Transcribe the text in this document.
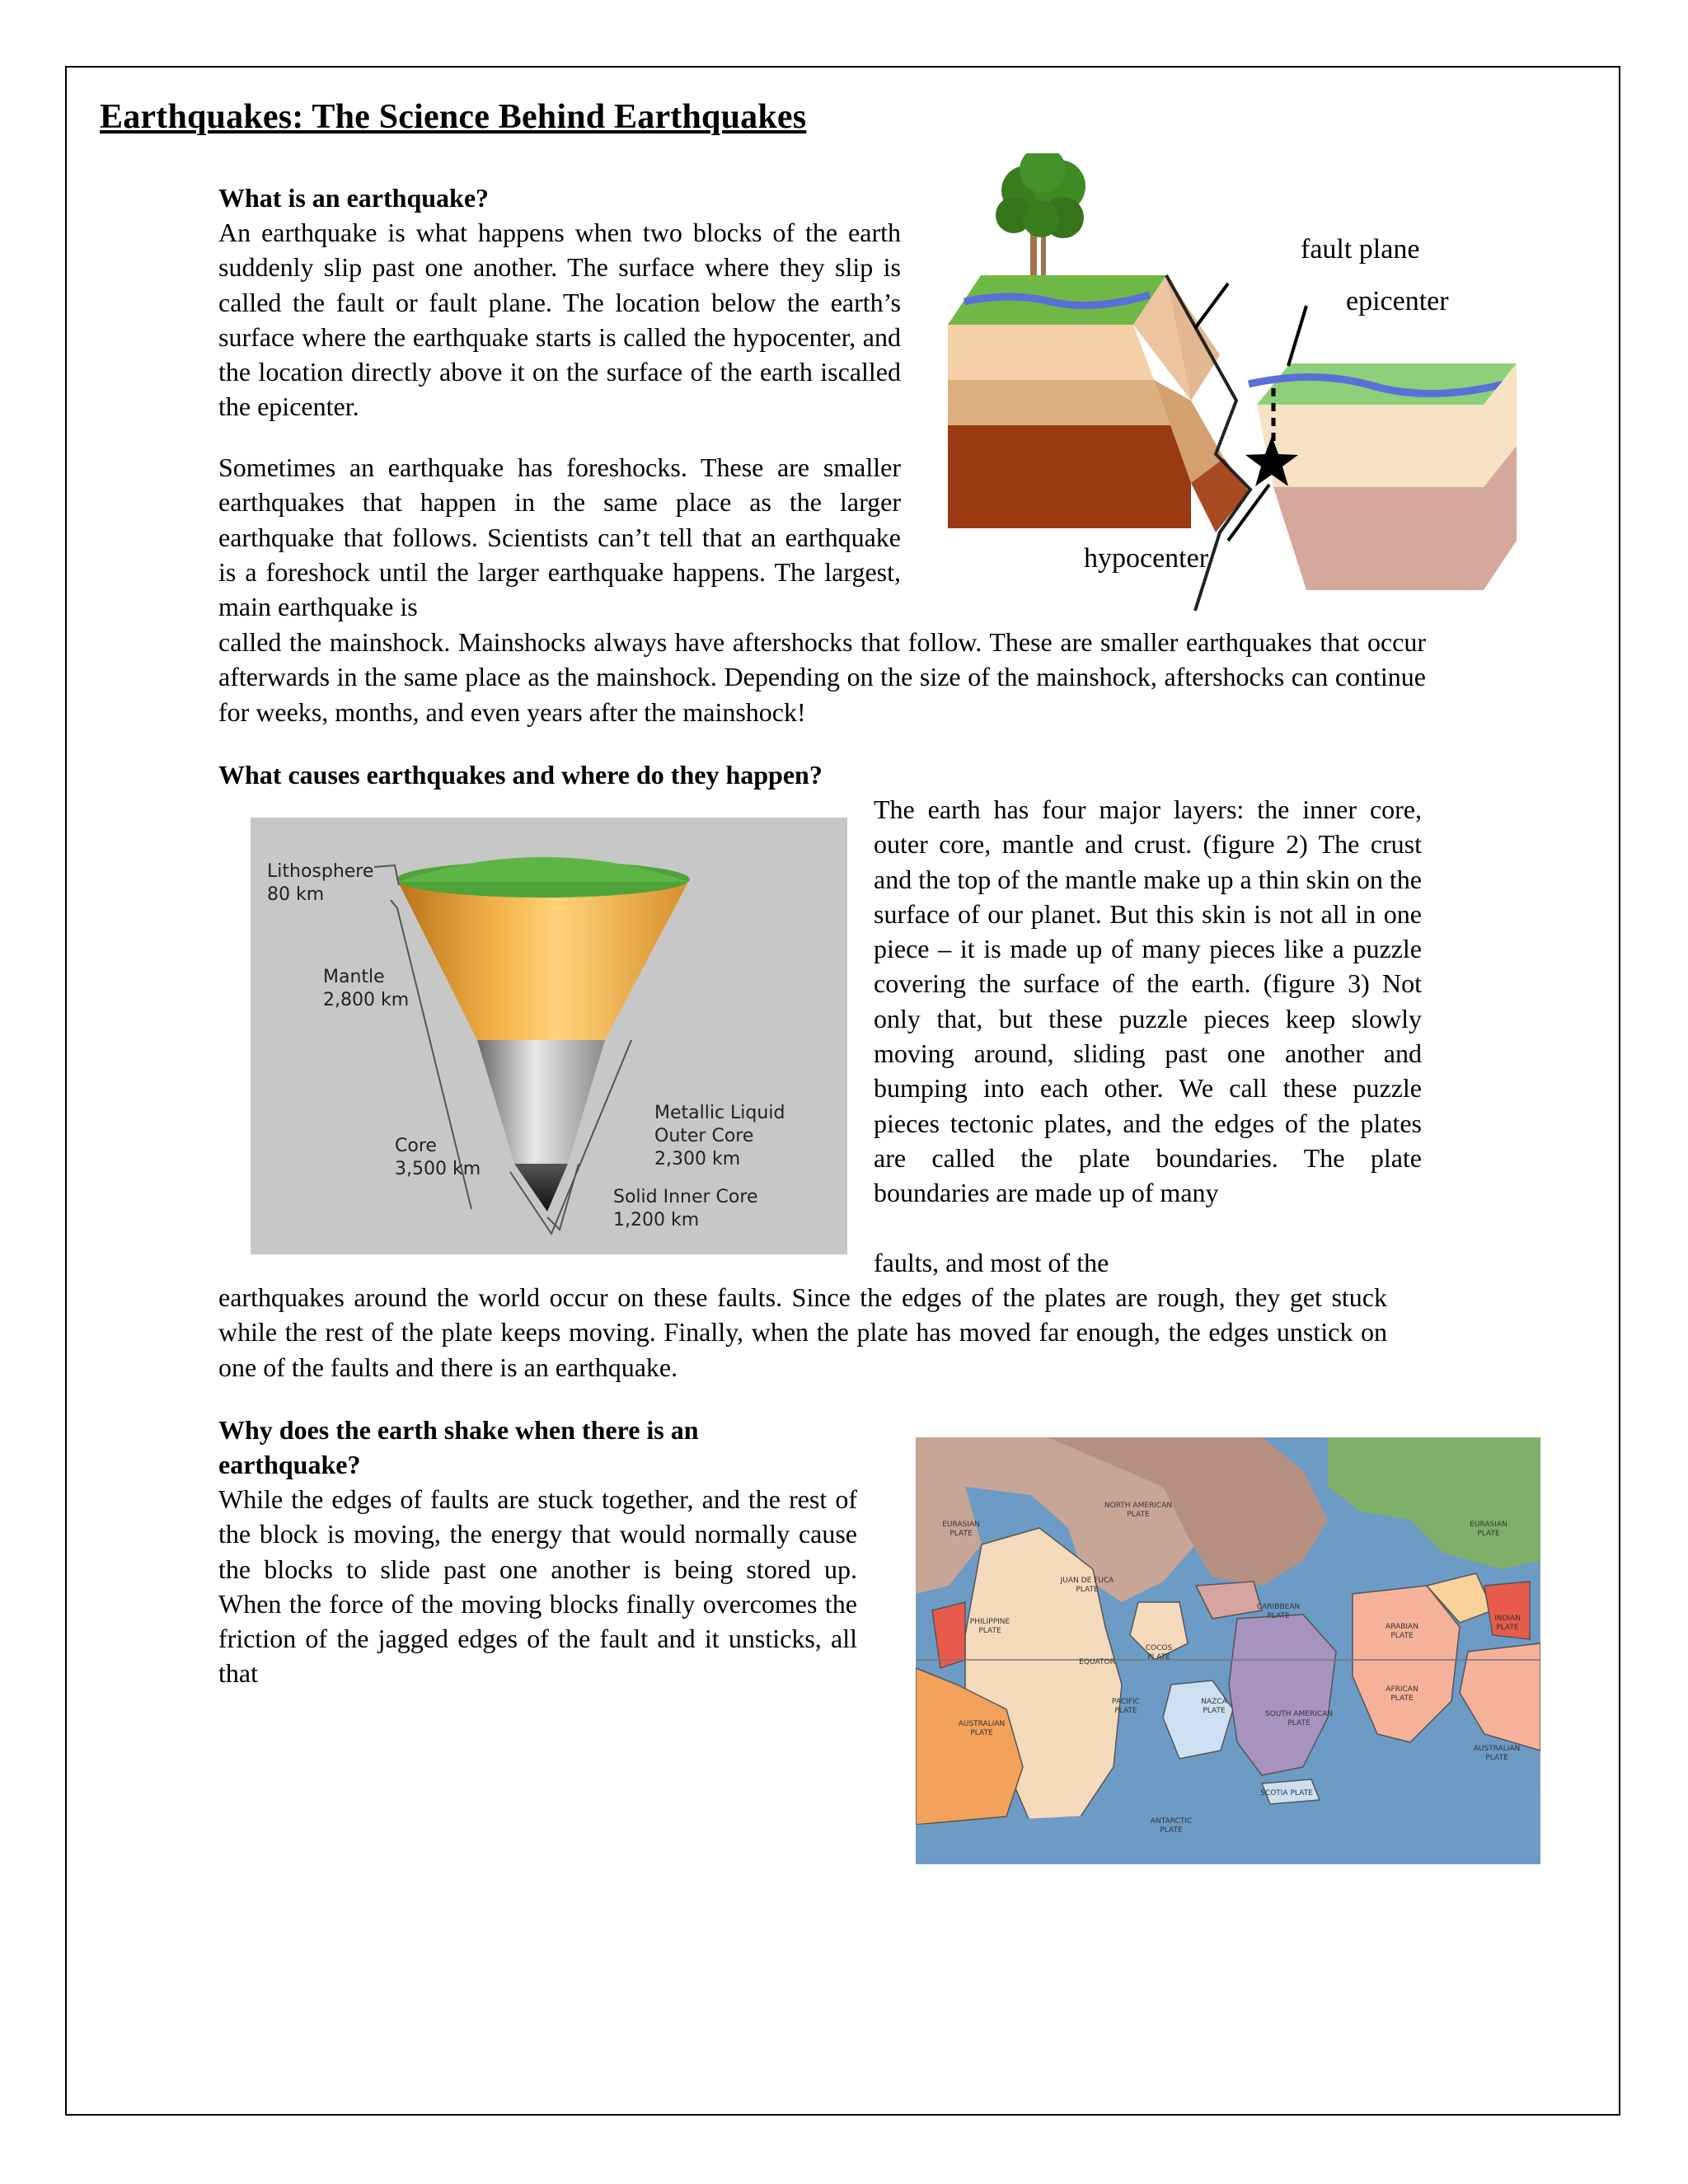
Earthquakes: The Science Behind Earthquakes
What is an earthquake?

An earthquake is what happens when two blocks of the earth suddenly slip past one another. The surface where they slip is called the fault or fault plane. The location below the earth’s surface where the earthquake starts is called the hypocenter, and the location directly above it on the surface of the earth iscalled the epicenter.

Sometimes an earthquake has foreshocks. These are smaller earthquakes that happen in the same place as the larger earthquake that follows. Scientists can’t tell that an earthquake is a foreshock until the larger earthquake happens. The largest, main earthquake is

called the mainshock. Mainshocks always have aftershocks that follow. These are smaller earthquakes that occur afterwards in the same place as the mainshock. Depending on the size of the mainshock, aftershocks can continue for weeks, months, and even years after the mainshock!

fault plane
epicenter
hypocenter
What causes earthquakes and where do they happen?

The earth has four major layers: the inner core, outer core, mantle and crust. (figure 2) The crust and the top of the mantle make up a thin skin on the surface of our planet. But this skin is not all in one piece – it is made up of many pieces like a puzzle covering the surface of the earth. (figure 3) Not only that, but these puzzle pieces keep slowly moving around, sliding past one another and bumping into each other. We call these puzzle pieces tectonic plates, and the edges of the plates are called the plate boundaries. The plate boundaries are made up of many

faults, and most of the

earthquakes around the world occur on these faults. Since the edges of the plates are rough, they get stuck while the rest of the plate keeps moving. Finally, when the plate has moved far enough, the edges unstick on one of the faults and there is an earthquake.

Lithosphere
80 km
Mantle
2,800 km
Core
3,500 km
Metallic Liquid
Outer Core
2,300 km
Solid Inner Core
1,200 km
Why does the earth shake when there is an
earthquake?

While the edges of faults are stuck together, and the rest of the block is moving, the energy that would normally cause the blocks to slide past one another is being stored up. When the force of the moving blocks finally overcomes the friction of the jagged edges of the fault and it unsticks, all that

EURASIAN
PLATE
NORTH AMERICAN
PLATE
EURASIAN
PLATE
JUAN DE FUCA
PLATE
PHILIPPINE
PLATE
CARIBBEAN
PLATE
ARABIAN
PLATE
INDIAN
PLATE
EQUATOR
COCOS
PLATE
AFRICAN
PLATE
PACIFIC
PLATE
NAZCA
PLATE	SOUTH AMERICAN
PLATE
AUSTRALIAN
PLATE
AUSTRALIAN
PLATE
SCOTIA PLATE
ANTARCTIC
PLATE
